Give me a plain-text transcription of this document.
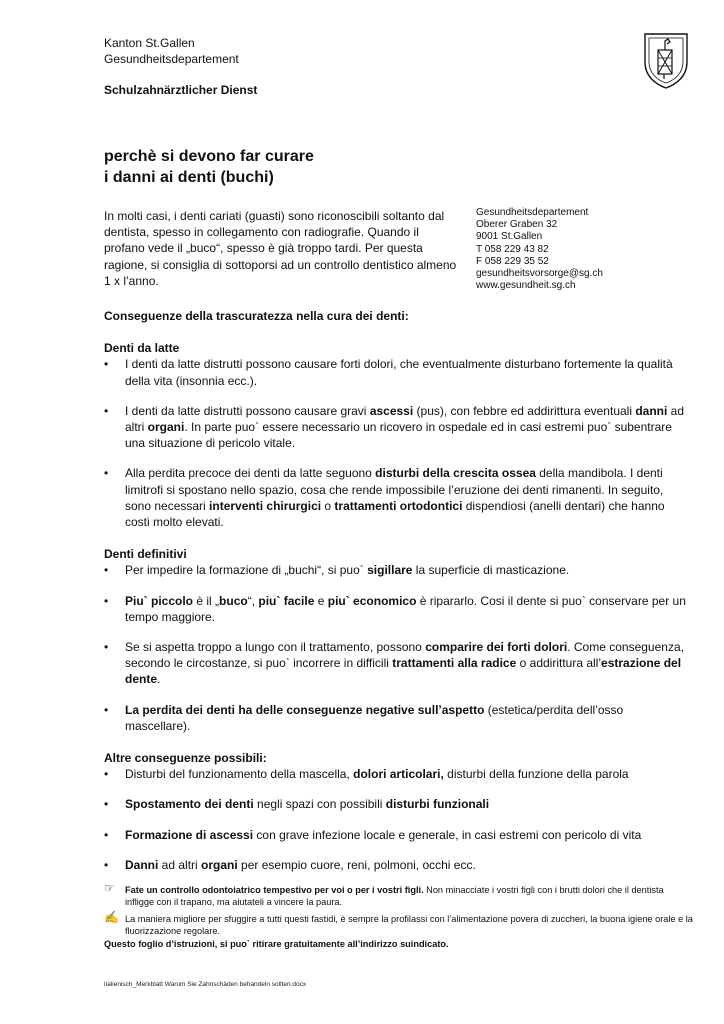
Kanton St.Gallen
Gesundheitsdepartement
Schulzahnärztlicher Dienst
perchè si devono far curare
i danni ai denti (buchi)
In molti casi, i denti cariati (guasti) sono riconoscibili soltanto dal dentista, spesso in collegamento con radiografie. Quando il profano vede il „buco“, spesso è già troppo tardi. Per questa ragione, si consiglia di sottoporsi ad un controllo dentistico almeno 1 x l’anno.
Gesundheitsdepartement
Oberer Graben 32
9001 St.Gallen
T 058 229 43 82
F 058 229 35 52
gesundheitsvorsorge@sg.ch
www.gesundheit.sg.ch

Conseguenze della trascuratezza nella cura dei denti:

Denti da latte

• I denti da latte distrutti possono causare forti dolori, che eventualmente disturbano fortemente la qualità della vita (insonnia ecc.).
• I denti da latte distrutti possono causare gravi ascessi (pus), con febbre ed addirittura eventuali danni ad altri organi. In parte puo` essere necessario un ricovero in ospedale ed in casi estremi puo` subentrare una situazione di pericolo vitale.
• Alla perdita precoce dei denti da latte seguono disturbi della crescita ossea della mandibola. I denti limitrofi si spostano nello spazio, cosa che rende impossibile l’eruzione dei denti rimanenti. In seguito, sono necessari interventi chirurgici o trattamenti ortodontici dispendiosi (anelli dentari) che hanno costi molto elevati.

Denti definitivi

• Per impedire la formazione di „buchi“, si puo` sigillare la superficie di masticazione.
• Piu` piccolo è il „buco“, piu` facile e piu` economico è ripararlo. Cosi il dente si puo` conservare per un tempo maggiore.
• Se si aspetta troppo a lungo con il trattamento, possono comparire dei forti dolori. Come conseguenza, secondo le circostanze, si puo` incorrere in difficili trattamenti alla radice o addirittura all’estrazione del dente.
• La perdita dei denti ha delle conseguenze negative sull’aspetto (estetica/perdita dell’osso mascellare).

Altre conseguenze possibili:

• Disturbi del funzionamento della mascella, dolori articolari, disturbi della funzione della parola
• Spostamento dei denti negli spazi con possibili disturbi funzionali
• Formazione di ascessi con grave infezione locale e generale, in casi estremi con pericolo di vita
• Danni ad altri organi per esempio cuore, reni, polmoni, occhi ecc.
☞ Fate un controllo odontoiatrico tempestivo per voi o per i vostri figli. Non minacciate i vostri figli con i brutti dolori che il dentista infligge con il trapano, ma aiutateli a vincere la paura.
✍ La maniera migliore per sfuggire a tutti questi fastidi, è sempre la profilassi con l’alimentazione povera di zuccheri, la buona igiene orale e la fluorizzazione regolare.
Questo foglio d’istruzioni, si puo` ritirare gratuitamente all’indirizzo suindicato.
italienisch_Merkblatt Warum Sie Zahnschäden behandeln sollten.docx
